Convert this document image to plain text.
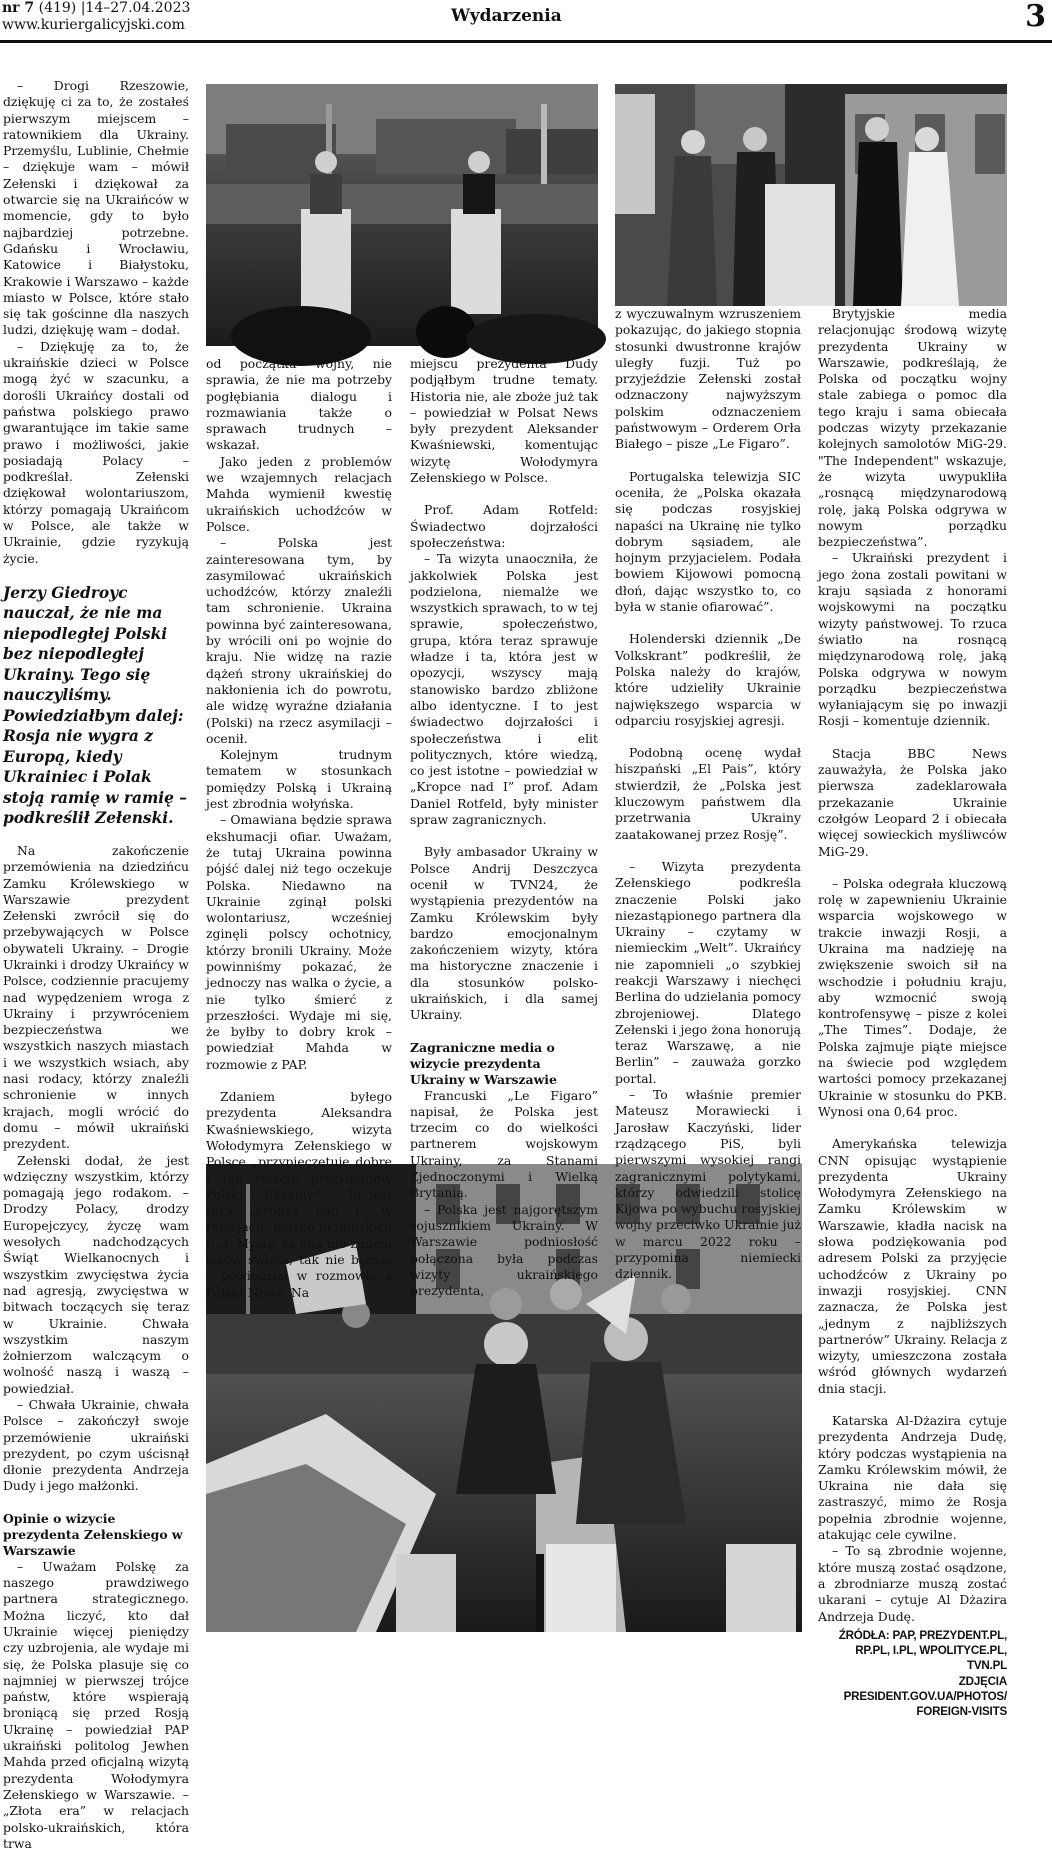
nr 7 (419) |14–27.04.2023
www.kuriergalicyjski.com	Wydarzenia	3

– Drogi Rzeszowie, dziękuję ci za to, że zostałeś pierwszym miejscem – ratownikiem dla Ukrainy. Przemyślu, Lublinie, Chełmie – dziękuje wam – mówił Zełenski i dziękował za otwarcie się na Ukraińców w momencie, gdy to było najbardziej potrzebne. Gdańsku i Wrocławiu, Katowice i Białystoku, Krakowie i Warszawo – każde miasto w Polsce, które stało się tak gościnne dla naszych ludzi, dziękuję wam – dodał.

– Dziękuję za to, że ukraińskie dzieci w Polsce mogą żyć w szacunku, a dorośli Ukraińcy dostali od państwa polskiego prawo gwarantujące im takie same prawo i możliwości, jakie posiadają Polacy – podkreślał. Zełenski dziękował wolontariuszom, którzy pomagają Ukraińcom w Polsce, ale także w Ukrainie, gdzie ryzykują życie.

Jerzy Giedroyc nauczał, że nie ma niepodległej Polski bez niepodległej Ukrainy. Tego się nauczyliśmy. Powiedziałbym dalej: Rosja nie wygra z Europą, kiedy Ukrainiec i Polak stoją ramię w ramię – podkreślił Zełenski.

Na zakończenie przemówienia na dziedzińcu Zamku Królewskiego w Warszawie prezydent Zełenski zwrócił się do przebywających w Polsce obywateli Ukrainy. – Drogie Ukrainki i drodzy Ukraińcy w Polsce, codziennie pracujemy nad wypędzeniem wroga z Ukrainy i przywróceniem bezpieczeństwa we wszystkich naszych miastach i we wszystkich wsiach, aby nasi rodacy, którzy znaleźli schronienie w innych krajach, mogli wrócić do domu – mówił ukraiński prezydent.

Zełenski dodał, że jest wdzięczny wszystkim, którzy pomagają jego rodakom. – Drodzy Polacy, drodzy Europejczycy, życzę wam wesołych nadchodzących Świąt Wielkanocnych i wszystkim zwycięstwa życia nad agresją, zwycięstwa w bitwach toczących się teraz w Ukrainie. Chwała wszystkim naszym żołnierzom walczącym o wolność naszą i waszą – powiedział.

– Chwała Ukrainie, chwała Polsce – zakończył swoje przemówienie ukraiński prezydent, po czym uścisnął dłonie prezydenta Andrzeja Dudy i jego małżonki.

Opinie o wizycie prezydenta Zełenskiego w Warszawie

– Uważam Polskę za naszego prawdziwego partnera strategicznego. Można liczyć, kto dał Ukrainie więcej pieniędzy czy uzbrojenia, ale wydaje mi się, że Polska plasuje się co najmniej w pierwszej trójce państw, które wspierają broniącą się przed Rosją Ukrainę – powiedział PAP ukraiński politolog Jewhen Mahda przed oficjalną wizytą prezydenta Wołodymyra Zełenskiego w Warszawie. – „Złota era” w relacjach polsko-ukraińskich, która trwa

od początku wojny, nie sprawia, że nie ma potrzeby pogłębiania dialogu i rozmawiania także o sprawach trudnych – wskazał.

Jako jeden z problemów we wzajemnych relacjach Mahda wymienił kwestię ukraińskich uchodźców w Polsce.

– Polska jest zainteresowana tym, by zasymilować ukraińskich uchodźców, którzy znaleźli tam schronienie. Ukraina powinna być zainteresowana, by wrócili oni po wojnie do kraju. Nie widzę na razie dążeń strony ukraińskiej do nakłonienia ich do powrotu, ale widzę wyraźne działania (Polski) na rzecz asymilacji – ocenił.

Kolejnym trudnym tematem w stosunkach pomiędzy Polską i Ukrainą jest zbrodnia wołyńska.

– Omawiana będzie sprawa ekshumacji ofiar. Uważam, że tutaj Ukraina powinna pójść dalej niż tego oczekuje Polska. Niedawno na Ukrainie zginął polski wolontariusz, wcześniej zginęli polscy ochotnicy, którzy bronili Ukrainy. Może powinniśmy pokazać, że jednoczy nas walka o życie, a nie tylko śmierć z przeszłości. Wydaje mi się, że byłby to dobry krok – powiedział Mahda w rozmowie z PAP.

Zdaniem byłego prezydenta Aleksandra Kwaśniewskiego, wizyta Wołodymyra Zełenskiego w Polsce „przypieczętuje dobre i tak relacje prezydentów Polski i Ukrainy”. – To jest taka „kropka nad i” w relacjach polsko-ukraińskich (…). Myślę, że ona nie zmieni losów świata, tak nie będzie – powiedział w rozmowie z Polsat News. Na

miejscu prezydenta Dudy podjąłbym trudne tematy. Historia nie, ale zboże już tak – powiedział w Polsat News były prezydent Aleksander Kwaśniewski, komentując wizytę Wołodymyra Zełenskiego w Polsce.

Prof. Adam Rotfeld: Świadectwo dojrzałości społeczeństwa:

– Ta wizyta unaoczniła, że jakkolwiek Polska jest podzielona, niemalże we wszystkich sprawach, to w tej sprawie, społeczeństwo, grupa, która teraz sprawuje władze i ta, która jest w opozycji, wszyscy mają stanowisko bardzo zbliżone albo identyczne. I to jest świadectwo dojrzałości i społeczeństwa i elit politycznych, które wiedzą, co jest istotne – powiedział w „Kropce nad I” prof. Adam Daniel Rotfeld, były minister spraw zagranicznych.

Były ambasador Ukrainy w Polsce Andrij Deszczyca ocenił w TVN24, że wystąpienia prezydentów na Zamku Królewskim były bardzo emocjonalnym zakończeniem wizyty, która ma historyczne znaczenie i dla stosunków polsko-ukraińskich, i dla samej Ukrainy.

Zagraniczne media o wizycie prezydenta Ukrainy w Warszawie

Francuski „Le Figaro” napisał, że Polska jest trzecim co do wielkości partnerem wojskowym Ukrainy, za Stanami Zjednoczonymi i Wielką Brytanią.

– Polska jest najgorętszym sojusznikiem Ukrainy. W Warszawie podniosłość połączona była podczas wizyty ukraińskiego prezydenta,

z wyczuwalnym wzruszeniem pokazując, do jakiego stopnia stosunki dwustronne krajów uległy fuzji. Tuż po przyjeździe Zełenski został odznaczony najwyższym polskim odznaczeniem państwowym – Orderem Orła Białego – pisze „Le Figaro”.

Portugalska telewizja SIC oceniła, że „Polska okazała się podczas rosyjskiej napaści na Ukrainę nie tylko dobrym sąsiadem, ale hojnym przyjacielem. Podała bowiem Kijowowi pomocną dłoń, dając wszystko to, co była w stanie ofiarować”.

Holenderski dziennik „De Volkskrant” podkreślił, że Polska należy do krajów, które udzieliły Ukrainie największego wsparcia w odparciu rosyjskiej agresji.

Podobną ocenę wydał hiszpański „El Pais”, który stwierdził, że „Polska jest kluczowym państwem dla przetrwania Ukrainy zaatakowanej przez Rosję”.

– Wizyta prezydenta Zełenskiego podkreśla znaczenie Polski jako niezastąpionego partnera dla Ukrainy – czytamy w niemieckim „Welt”. Ukraińcy nie zapomnieli „o szybkiej reakcji Warszawy i niechęci Berlina do udzielania pomocy zbrojeniowej. Dlatego Zełenski i jego żona honorują teraz Warszawę, a nie Berlin” – zauważa gorzko portal.

– To właśnie premier Mateusz Morawiecki i Jarosław Kaczyński, lider rządzącego PiS, byli pierwszymi wysokiej rangi zagranicznymi polytykami, którzy odwiedzili stolicę Kijowa po wybuchu rosyjskiej wojny przeciwko Ukrainie już w marcu 2022 roku – przypomina niemiecki dziennik.

Brytyjskie media relacjonując środową wizytę prezydenta Ukrainy w Warszawie, podkreślają, że Polska od początku wojny stale zabiega o pomoc dla tego kraju i sama obiecała podczas wizyty przekazanie kolejnych samolotów MiG-29. "The Independent" wskazuje, że wizyta uwypukliła „rosnącą międzynarodową rolę, jaką Polska odgrywa w nowym porządku bezpieczeństwa”.

– Ukraiński prezydent i jego żona zostali powitani w kraju sąsiada z honorami wojskowymi na początku wizyty państwowej. To rzuca światło na rosnącą międzynarodową rolę, jaką Polska odgrywa w nowym porządku bezpieczeństwa wyłaniającym się po inwazji Rosji – komentuje dziennik.

Stacja BBC News zauważyła, że Polska jako pierwsza zadeklarowała przekazanie Ukrainie czołgów Leopard 2 i obiecała więcej sowieckich myśliwców MiG-29.

– Polska odegrała kluczową rolę w zapewnieniu Ukrainie wsparcia wojskowego w trakcie inwazji Rosji, a Ukraina ma nadzieję na zwiększenie swoich sił na wschodzie i południu kraju, aby wzmocnić swoją kontrofensywę – pisze z kolei „The Times”. Dodaje, że Polska zajmuje piąte miejsce na świecie pod względem wartości pomocy przekazanej Ukrainie w stosunku do PKB. Wynosi ona 0,64 proc.

Amerykańska telewizja CNN opisując wystąpienie prezydenta Ukrainy Wołodymyra Zełenskiego na Zamku Królewskim w Warszawie, kładła nacisk na słowa podziękowania pod adresem Polski za przyjęcie uchodźców z Ukrainy po inwazji rosyjskiej. CNN zaznacza, że Polska jest „jednym z najbliższych partnerów” Ukrainy. Relacja z wizyty, umieszczona została wśród głównych wydarzeń dnia stacji.

Katarska Al-Dżazira cytuje prezydenta Andrzeja Dudę, który podczas wystąpienia na Zamku Królewskim mówił, że Ukraina nie dała się zastraszyć, mimo że Rosja popełnia zbrodnie wojenne, atakując cele cywilne.

– To są zbrodnie wojenne, które muszą zostać osądzone, a zbrodniarze muszą zostać ukarani – cytuje Al Dżazira Andrzeja Dudę.

ŹRÓDŁA: PAP, PREZYDENT.PL, RP.PL, I.PL, WPOLITYCE.PL, TVN.PL
ZDJĘCIA
PRESIDENT.GOV.UA/PHOTOS/ FOREIGN-VISITS
